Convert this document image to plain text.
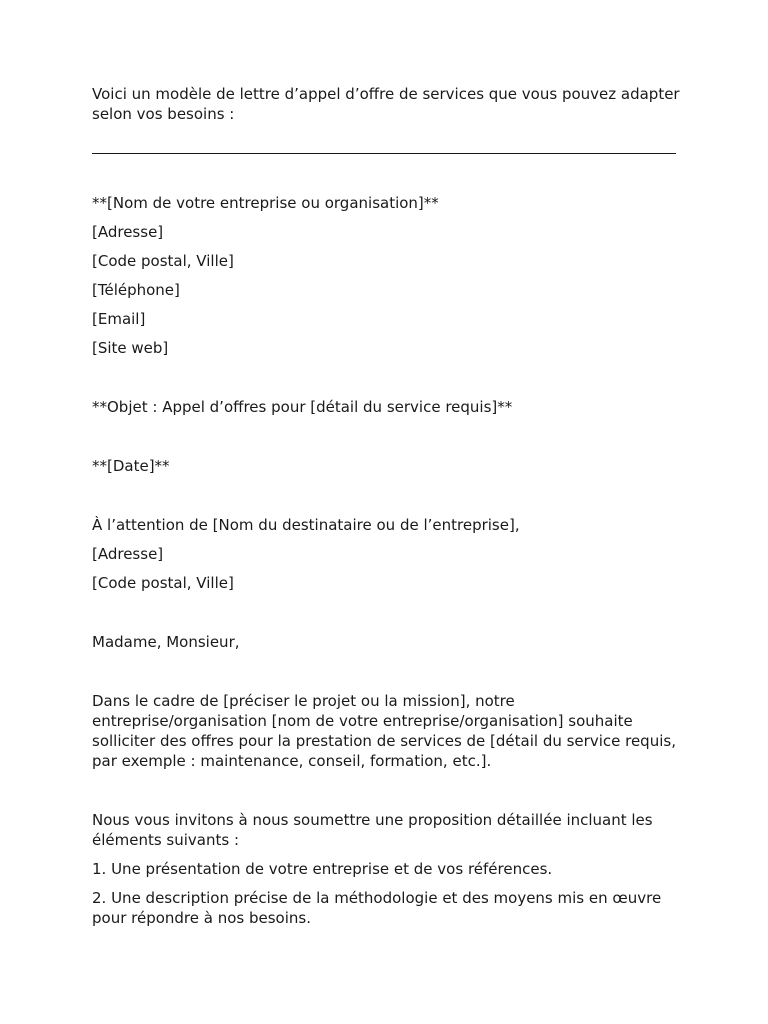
Voici un modèle de lettre d’appel d’offre de services que vous pouvez adapter selon vos besoins :

**[Nom de votre entreprise ou organisation]**

[Adresse]

[Code postal, Ville]

[Téléphone]

[Email]

[Site web]

**Objet : Appel d’offres pour [détail du service requis]**

**[Date]**

À l’attention de [Nom du destinataire ou de l’entreprise],

[Adresse]

[Code postal, Ville]

Madame, Monsieur,

Dans le cadre de [préciser le projet ou la mission], notre entreprise/organisation [nom de votre entreprise/organisation] souhaite solliciter des offres pour la prestation de services de [détail du service requis, par exemple : maintenance, conseil, formation, etc.].

Nous vous invitons à nous soumettre une proposition détaillée incluant les éléments suivants :

1. Une présentation de votre entreprise et de vos références.

2. Une description précise de la méthodologie et des moyens mis en œuvre pour répondre à nos besoins.
